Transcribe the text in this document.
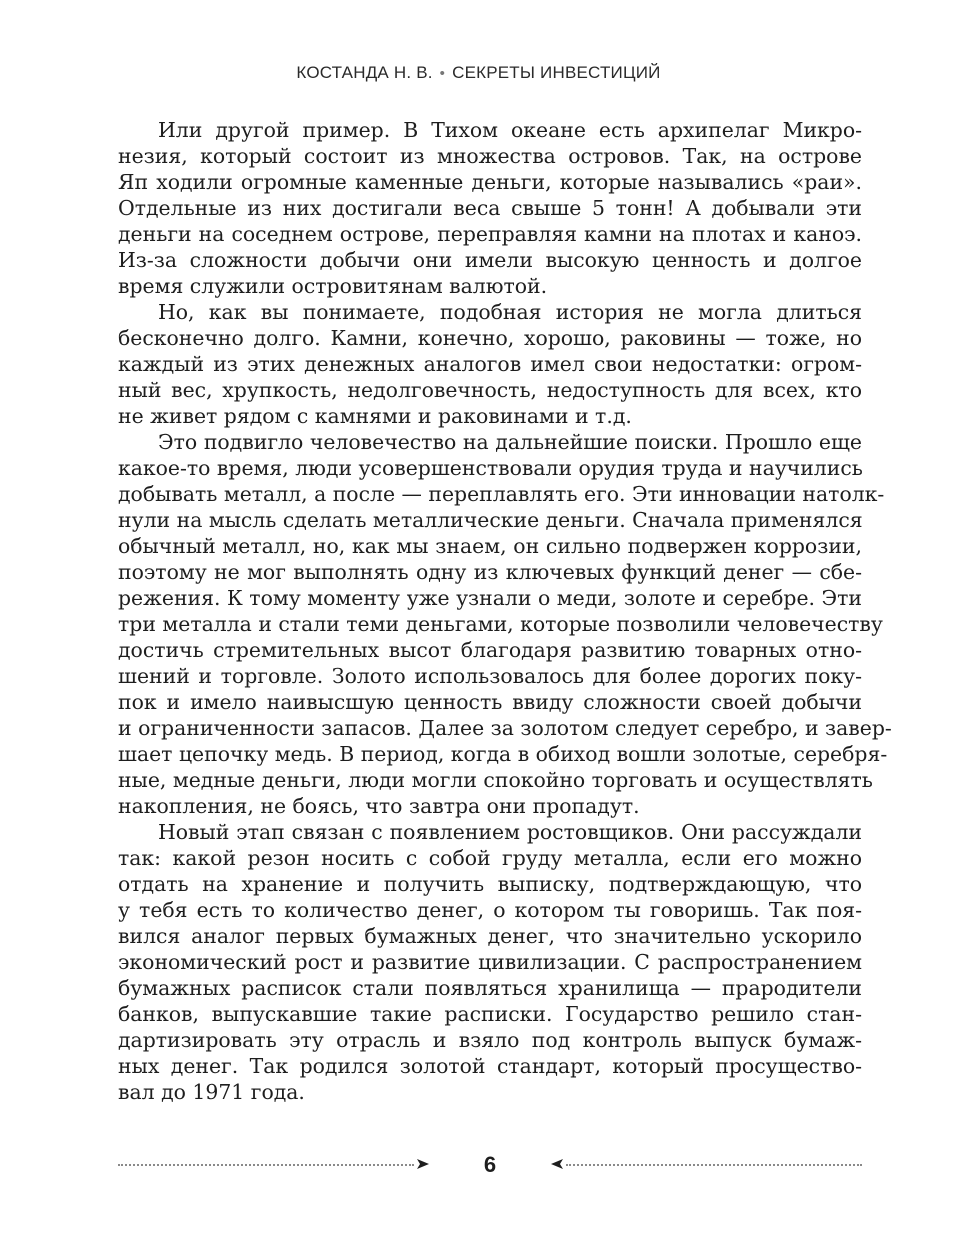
КОСТАНДА Н. В. • СЕКРЕТЫ ИНВЕСТИЦИЙ
Или другой пример. В Тихом океане есть архипелаг Микро-
незия, который состоит из множества островов. Так, на острове
Яп ходили огромные каменные деньги, которые назывались «раи».
Отдельные из них достигали веса свыше 5 тонн! А добывали эти
деньги на соседнем острове, переправляя камни на плотах и каноэ.
Из-за сложности добычи они имели высокую ценность и долгое
время служили островитянам валютой.
Но, как вы понимаете, подобная история не могла длиться
бесконечно долго. Камни, конечно, хорошо, раковины — тоже, но
каждый из этих денежных аналогов имел свои недостатки: огром-
ный вес, хрупкость, недолговечность, недоступность для всех, кто
не живет рядом с камнями и раковинами и т.д.
Это подвигло человечество на дальнейшие поиски. Прошло еще
какое-то время, люди усовершенствовали орудия труда и научились
добывать металл, а после — переплавлять его. Эти инновации натолк-
нули на мысль сделать металлические деньги. Сначала применялся
обычный металл, но, как мы знаем, он сильно подвержен коррозии,
поэтому не мог выполнять одну из ключевых функций денег — сбе-
режения. К тому моменту уже узнали о меди, золоте и серебре. Эти
три металла и стали теми деньгами, которые позволили человечеству
достичь стремительных высот благодаря развитию товарных отно-
шений и торговле. Золото использовалось для более дорогих поку-
пок и имело наивысшую ценность ввиду сложности своей добычи
и ограниченности запасов. Далее за золотом следует серебро, и завер-
шает цепочку медь. В период, когда в обиход вошли золотые, серебря-
ные, медные деньги, люди могли спокойно торговать и осуществлять
накопления, не боясь, что завтра они пропадут.
Новый этап связан с появлением ростовщиков. Они рассуждали
так: какой резон носить с собой груду металла, если его можно
отдать на хранение и получить выписку, подтверждающую, что
у тебя есть то количество денег, о котором ты говоришь. Так поя-
вился аналог первых бумажных денег, что значительно ускорило
экономический рост и развитие цивилизации. С распространением
бумажных расписок стали появляться хранилища — прародители
банков, выпускавшие такие расписки. Государство решило стан-
дартизировать эту отрасль и взяло под контроль выпуск бумаж-
ных денег. Так родился золотой стандарт, который просущество-
вал до 1971 года.
6
